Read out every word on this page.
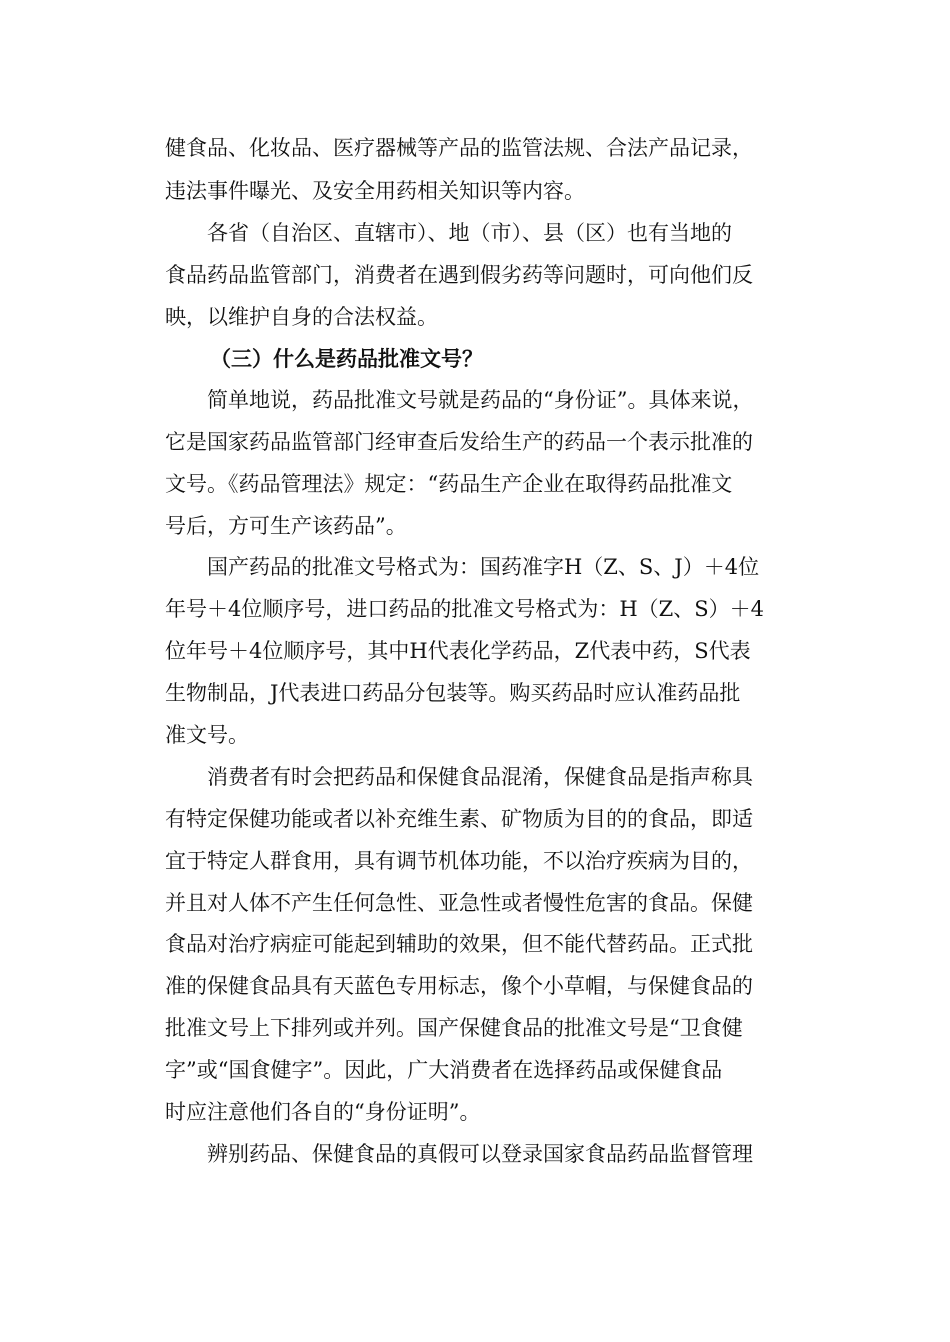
健食品、化妆品、医疗器械等产品的监管法规、合法产品记录，
违法事件曝光、及安全用药相关知识等内容。
各省（自治区、直辖市）、地（市）、县（区）也有当地的
食品药品监管部门，消费者在遇到假劣药等问题时，可向他们反
映，以维护自身的合法权益。
（三）什么是药品批准文号？
简单地说，药品批准文号就是药品的“身份证”。具体来说，
它是国家药品监管部门经审查后发给生产的药品一个表示批准的
文号。《药品管理法》规定：“药品生产企业在取得药品批准文
号后，方可生产该药品”。
国产药品的批准文号格式为：国药准字H（Z、S、J）＋4位
年号＋4位顺序号，进口药品的批准文号格式为：H（Z、S）＋4
位年号＋4位顺序号，其中H代表化学药品，Z代表中药，S代表
生物制品，J代表进口药品分包装等。购买药品时应认准药品批
准文号。
消费者有时会把药品和保健食品混淆，保健食品是指声称具
有特定保健功能或者以补充维生素、矿物质为目的的食品，即适
宜于特定人群食用，具有调节机体功能，不以治疗疾病为目的，
并且对人体不产生任何急性、亚急性或者慢性危害的食品。保健
食品对治疗病症可能起到辅助的效果，但不能代替药品。正式批
准的保健食品具有天蓝色专用标志，像个小草帽，与保健食品的
批准文号上下排列或并列。国产保健食品的批准文号是“卫食健
字”或“国食健字”。因此，广大消费者在选择药品或保健食品
时应注意他们各自的“身份证明”。
辨别药品、保健食品的真假可以登录国家食品药品监督管理
